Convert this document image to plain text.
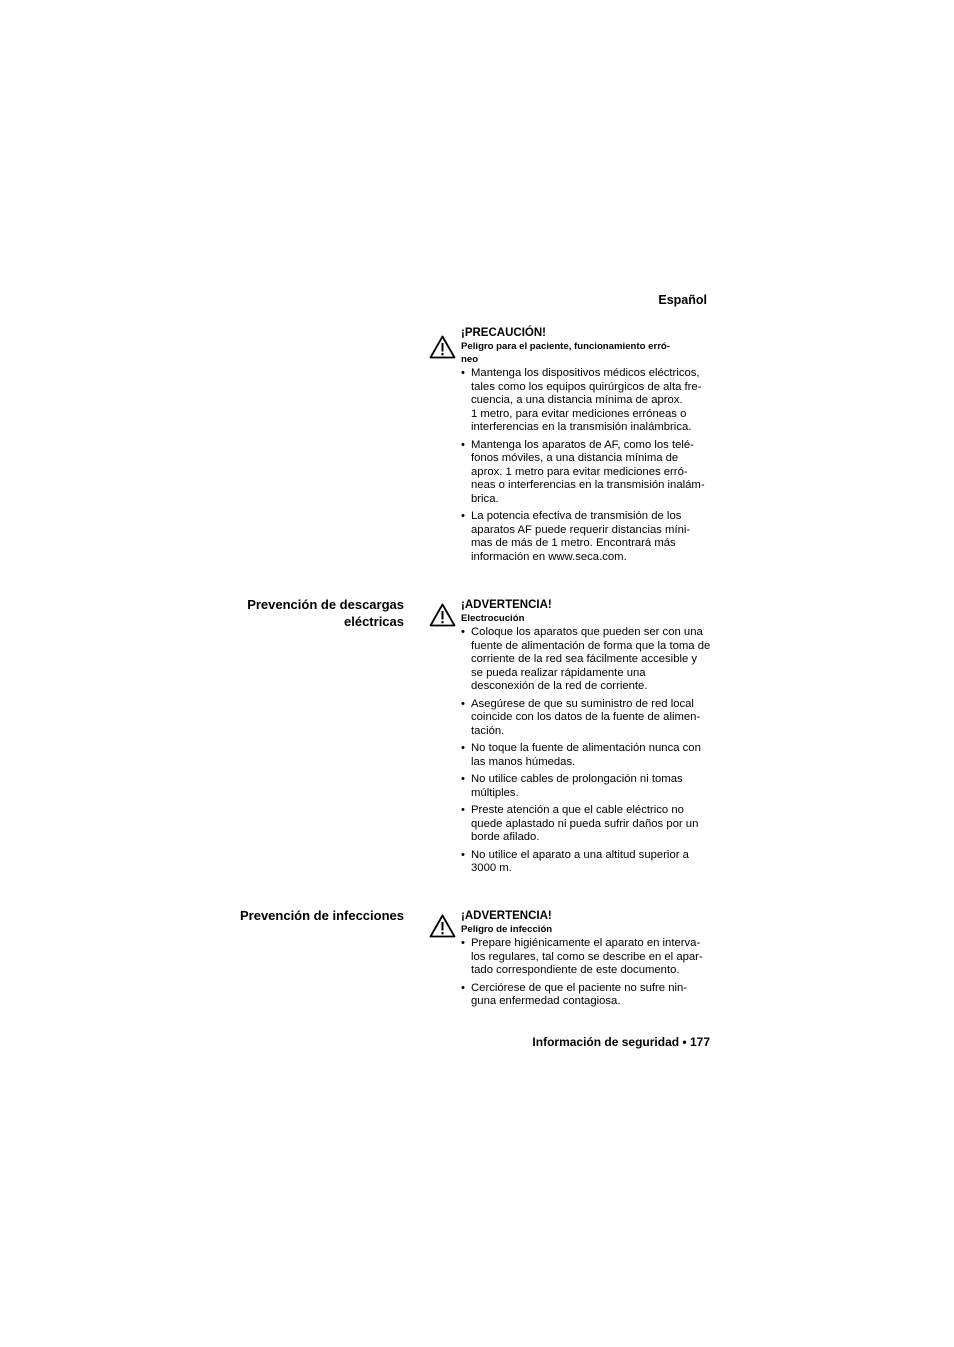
Español

¡PRECAUCIÓN!

Peligro para el paciente, funcionamiento erró-
neo

• Mantenga los dispositivos médicos eléctricos, tales como los equipos quirúrgicos de alta fre-
cuencia, a una distancia mínima de aprox.
1 metro, para evitar mediciones erróneas o interferencias en la transmisión inalámbrica.
• Mantenga los aparatos de AF, como los telé-
fonos móviles, a una distancia mínima de aprox. 1 metro para evitar mediciones erró-
neas o interferencias en la transmisión inalám-
brica.
• La potencia efectiva de transmisión de los aparatos AF puede requerir distancias míni-
mas de más de 1 metro. Encontrará más información en www.seca.com.

Prevención de descargas eléctricas

¡ADVERTENCIA!

Electrocución

• Coloque los aparatos que pueden ser con una fuente de alimentación de forma que la toma de corriente de la red sea fácilmente accesible y se pueda realizar rápidamente una desconexión de la red de corriente.
• Asegúrese de que su suministro de red local coincide con los datos de la fuente de alimen-
tación.
• No toque la fuente de alimentación nunca con las manos húmedas.
• No utilice cables de prolongación ni tomas múltiples.
• Preste atención a que el cable eléctrico no quede aplastado ni pueda sufrir daños por un borde afilado.
• No utilice el aparato a una altitud superior a 3000 m.

Prevención de infecciones	¡ADVERTENCIA!

Peligro de infección

• Prepare higiénicamente el aparato en interva-
los regulares, tal como se describe en el apar-
tado correspondiente de este documento.
• Cerciórese de que el paciente no sufre nin-
guna enfermedad contagiosa.

Información de seguridad • 177
